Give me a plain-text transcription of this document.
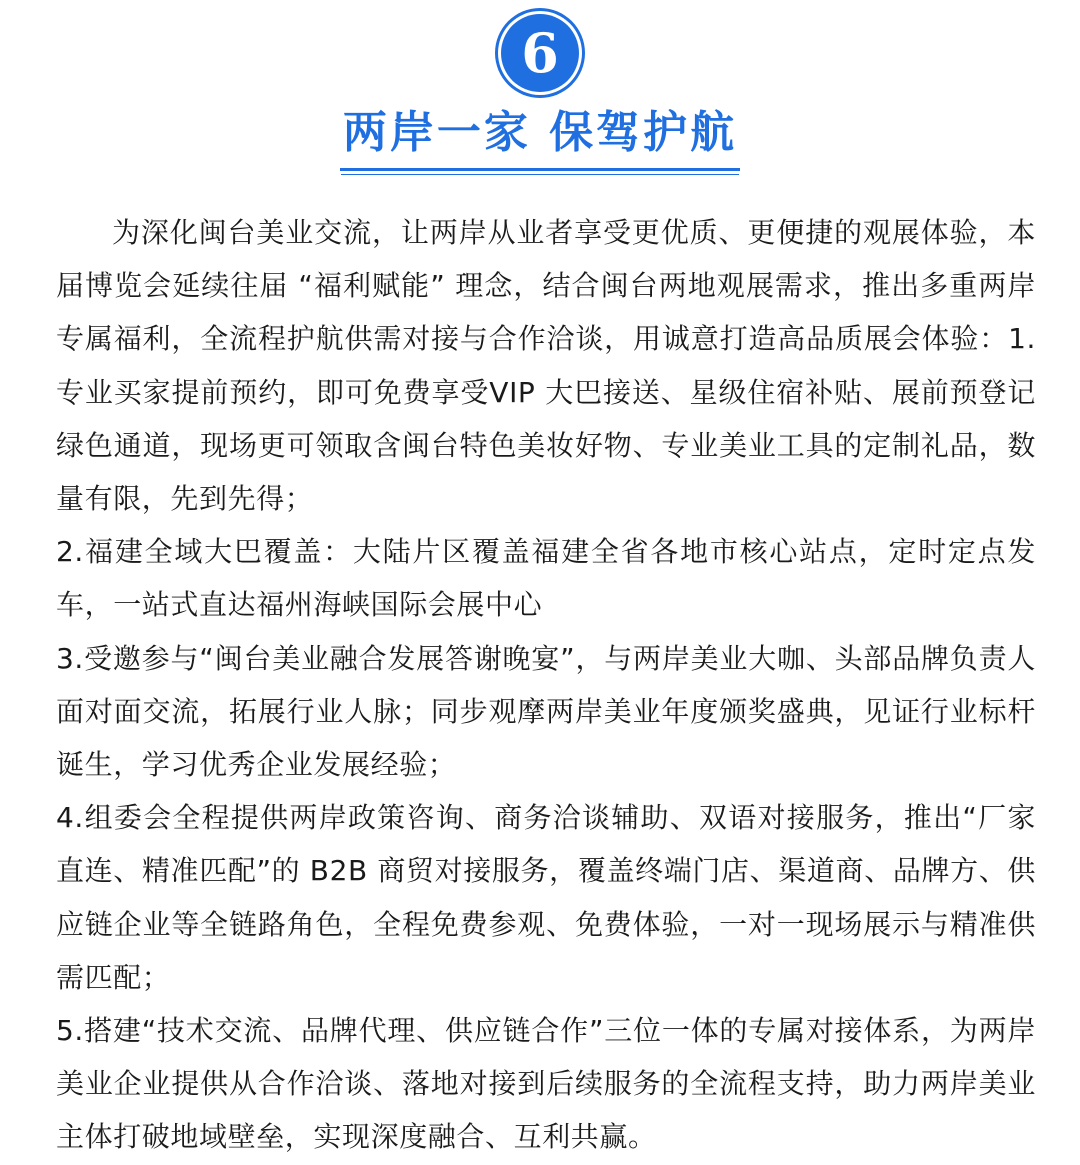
6
两岸一家 保驾护航

为深化闽台美业交流，让两岸从业者享受更优质、更便捷的观展体验，本届博览会延续往届 “福利赋能” 理念，结合闽台两地观展需求，推出多重两岸专属福利，全流程护航供需对接与合作洽谈，用诚意打造高品质展会体验：1.专业买家提前预约，即可免费享受VIP 大巴接送、星级住宿补贴、展前预登记绿色通道，现场更可领取含闽台特色美妆好物、专业美业工具的定制礼品，数量有限，先到先得；

2.福建全域大巴覆盖：大陆片区覆盖福建全省各地市核心站点，定时定点发车，一站式直达福州海峡国际会展中心

3.受邀参与“闽台美业融合发展答谢晚宴”，与两岸美业大咖、头部品牌负责人面对面交流，拓展行业人脉；同步观摩两岸美业年度颁奖盛典，见证行业标杆诞生，学习优秀企业发展经验；

4.组委会全程提供两岸政策咨询、商务洽谈辅助、双语对接服务，推出“厂家直连、精准匹配”的 B2B 商贸对接服务，覆盖终端门店、渠道商、品牌方、供应链企业等全链路角色，全程免费参观、免费体验，一对一现场展示与精准供需匹配；

5.搭建“技术交流、品牌代理、供应链合作”三位一体的专属对接体系，为两岸美业企业提供从合作洽谈、落地对接到后续服务的全流程支持，助力两岸美业主体打破地域壁垒，实现深度融合、互利共赢。
